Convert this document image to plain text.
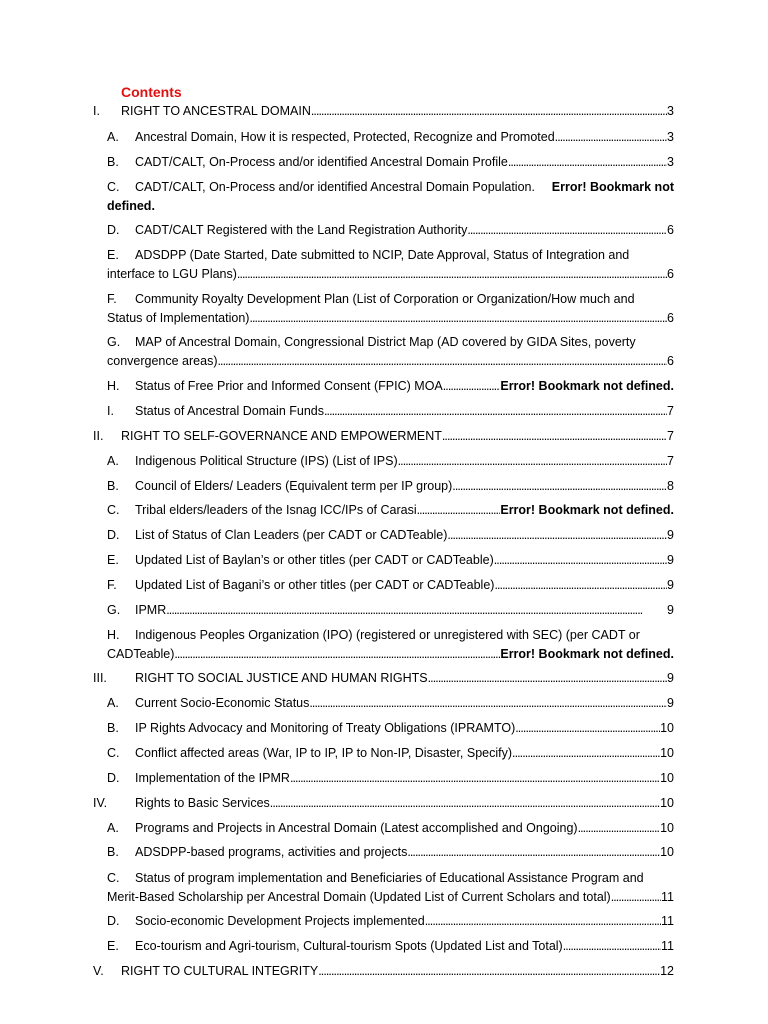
Contents
I. RIGHT TO ANCESTRAL DOMAIN . . .	3
A. Ancestral Domain, How it is respected, Protected, Recognize and Promoted . . .	3
B. CADT/CALT, On-Process and/or identified Ancestral Domain Profile . . .	3
C. CADT/CALT, On-Process and/or identified Ancestral Domain Population. Error! Bookmark not
defined.
D. CADT/CALT Registered with the Land Registration Authority . . .	6
E. ADSDPP (Date Started, Date submitted to NCIP, Date Approval, Status of Integration and
interface to LGU Plans) . . .	6
F. Community Royalty Development Plan (List of Corporation or Organization/How much and
Status of Implementation) . . .	6
G. MAP of Ancestral Domain, Congressional District Map (AD covered by GIDA Sites, poverty
convergence areas) . . .	6
H. Status of Free Prior and Informed Consent (FPIC) MOA . . .	Error! Bookmark not defined.
I. Status of Ancestral Domain Funds . . .	7
II. RIGHT TO SELF-GOVERNANCE AND EMPOWERMENT . . .	7
A. Indigenous Political Structure (IPS) (List of IPS) . . .	7
B. Council of Elders/ Leaders (Equivalent term per IP group) . . .	8
C. Tribal elders/leaders of the Isnag ICC/IPs of Carasi . . .	Error! Bookmark not defined.
D. List of Status of Clan Leaders (per CADT or CADTeable) . . .	9
E. Updated List of Baylan’s or other titles (per CADT or CADTeable) . . .	9
F. Updated List of Bagani’s or other titles (per CADT or CADTeable) . . .	9
G. IPMR . . .	9
H. Indigenous Peoples Organization (IPO) (registered or unregistered with SEC) (per CADT or
CADTeable) . . .	Error! Bookmark not defined.
III. RIGHT TO SOCIAL JUSTICE AND HUMAN RIGHTS . . .	9
A. Current Socio-Economic Status . . .	9
B. IP Rights Advocacy and Monitoring of Treaty Obligations (IPRAMTO) . . .	10
C. Conflict affected areas (War, IP to IP, IP to Non-IP, Disaster, Specify) . . .	10
D. Implementation of the IPMR . . .	10
IV. Rights to Basic Services . . .	10
A. Programs and Projects in Ancestral Domain (Latest accomplished and Ongoing) . . .	10
B. ADSDPP-based programs, activities and projects . . .	10
C. Status of program implementation and Beneficiaries of Educational Assistance Program and
Merit-Based Scholarship per Ancestral Domain (Updated List of Current Scholars and total) . . .	11
D. Socio-economic Development Projects implemented . . .	11
E. Eco-tourism and Agri-tourism, Cultural-tourism Spots (Updated List and Total) . . .	11
V. RIGHT TO CULTURAL INTEGRITY . . .	12
